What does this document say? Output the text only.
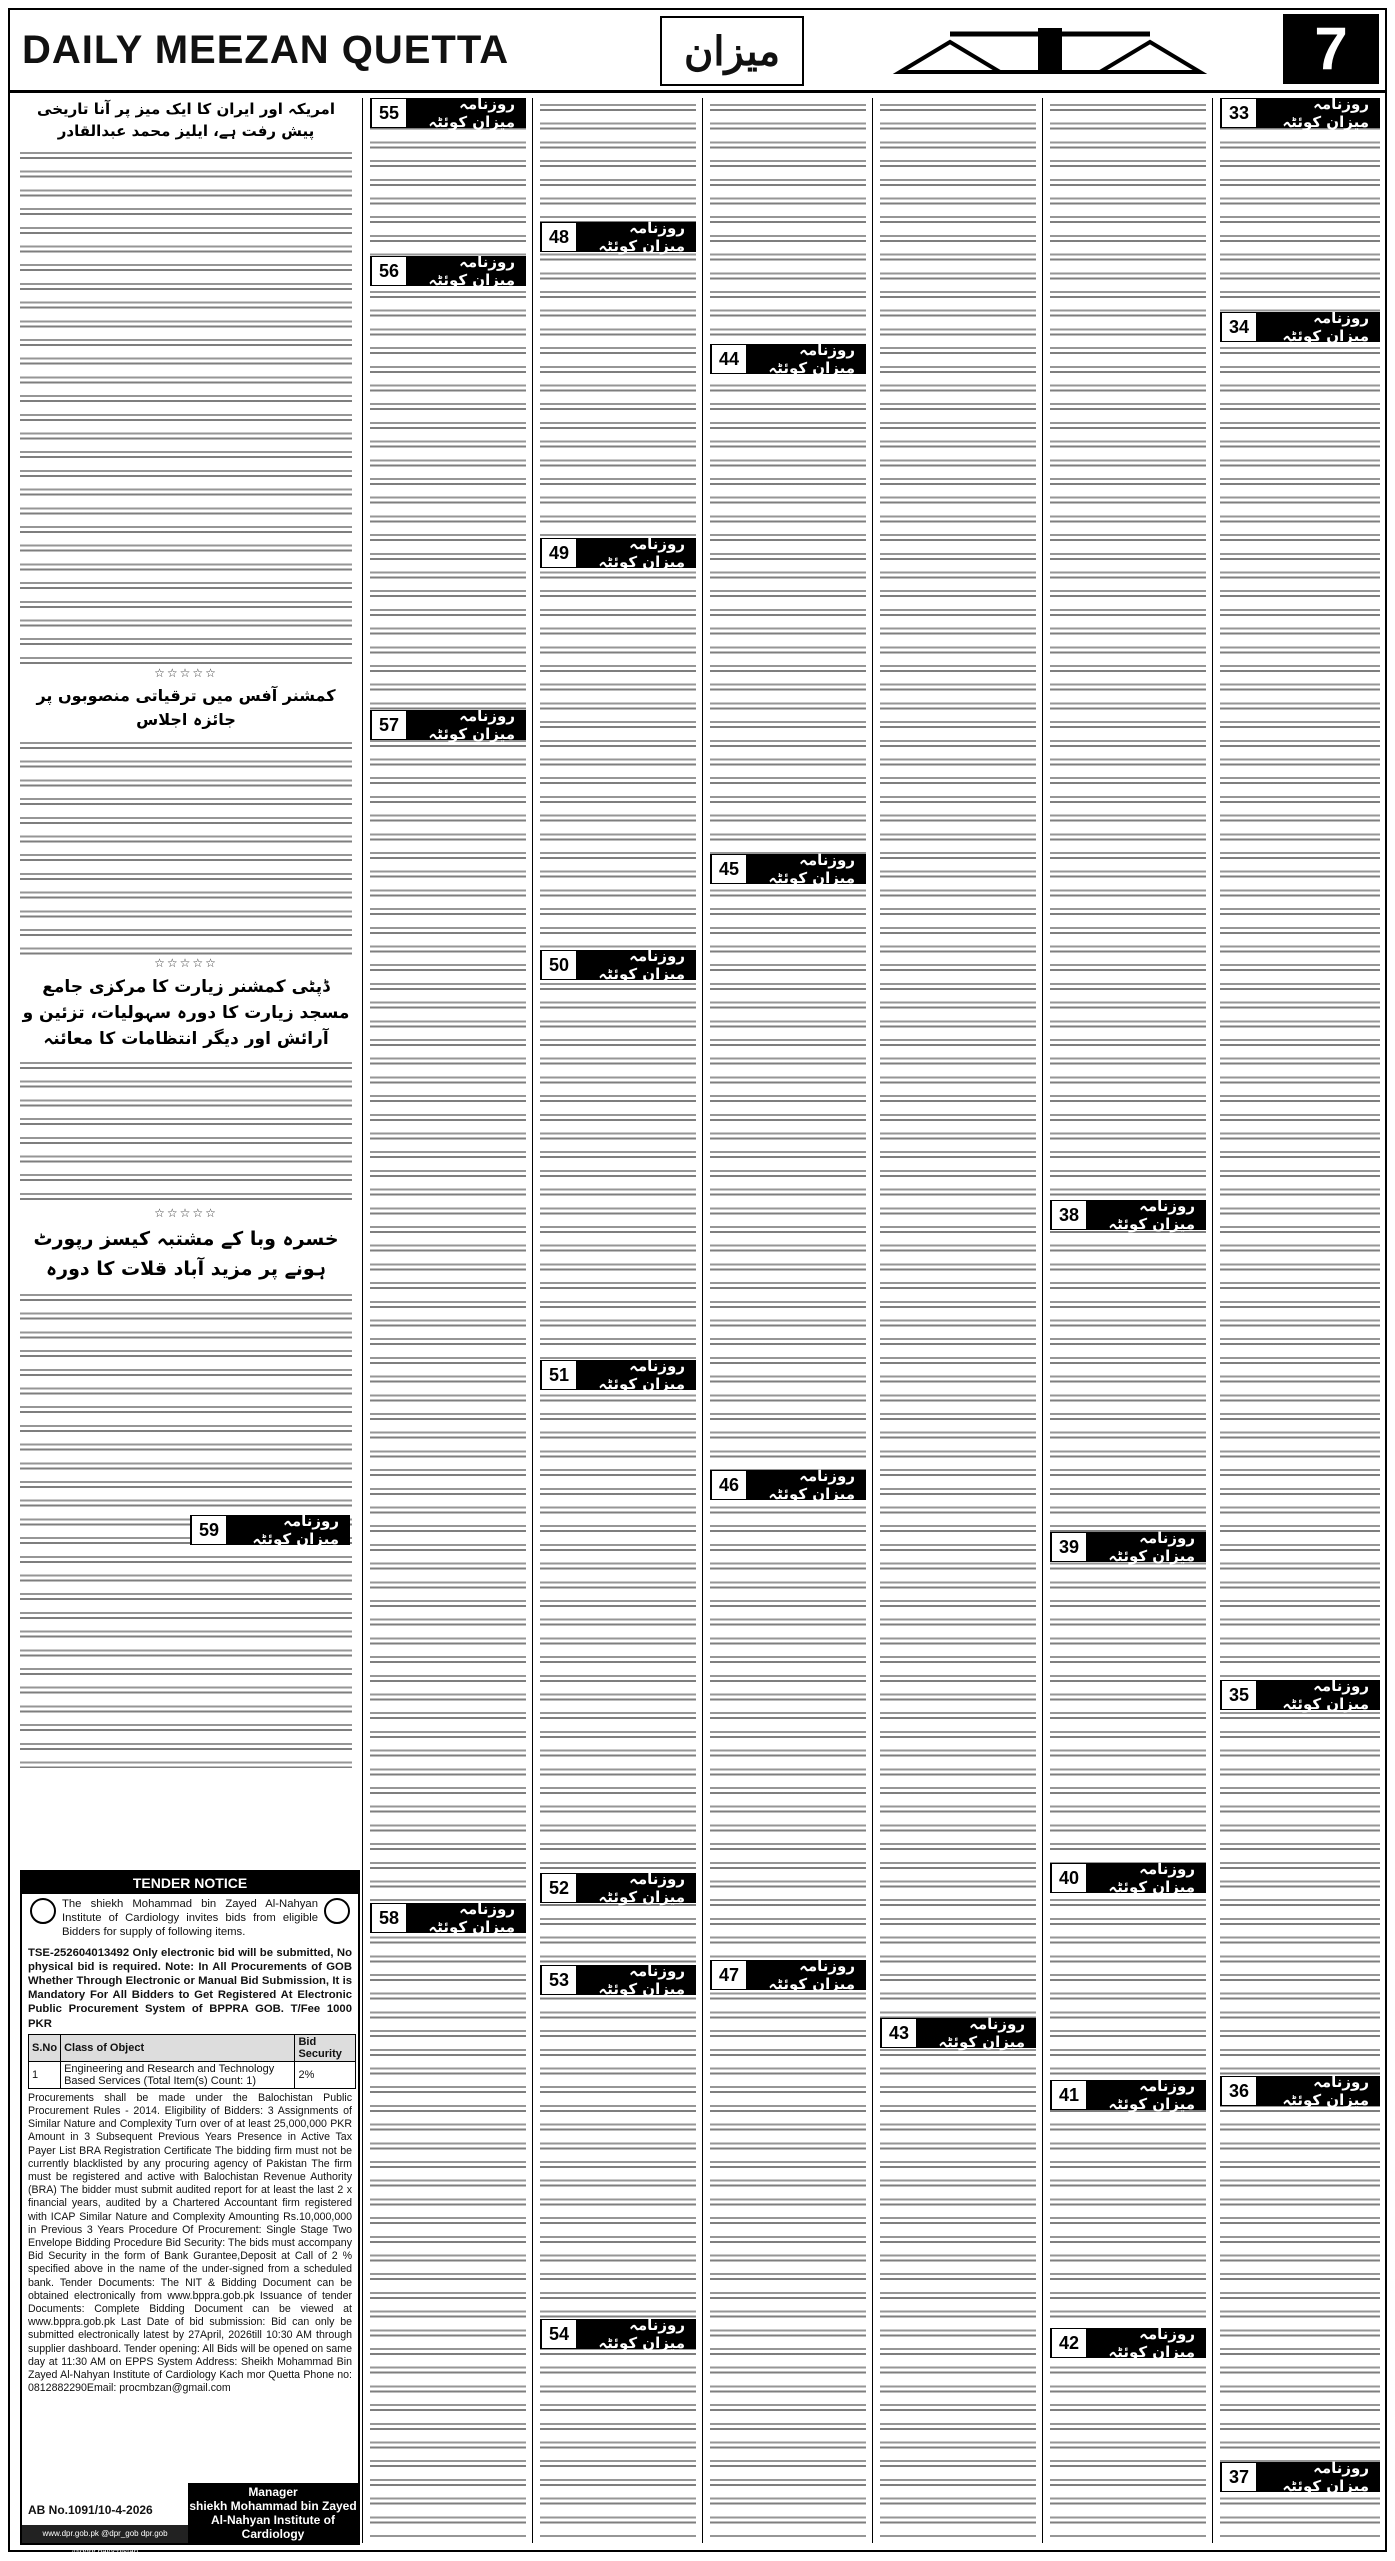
DAILY MEEZAN QUETTA	میزان	7
امریکہ اور ایران کا ایک میز پر آنا تاریخی پیش رفت ہے، ایلیز محمد عبدالقادر
☆☆☆☆☆
کمشنر آفس میں ترقیاتی منصوبوں پر جائزہ اجلاس
☆☆☆☆☆
ڈپٹی کمشنر زیارت کا مرکزی جامع مسجد زیارت کا دورہ سہولیات، تزئین و آرائش اور دیگر انتظامات کا معائنہ
☆☆☆☆☆
خسرہ وبا کے مشتبہ کیسز رپورٹ ہونے پر مزید آباد قلات کا دورہ
روزنامہ میزان کوئٹہ
59
TENDER NOTICE

The shiekh Mohammad bin Zayed Al-Nahyan Institute of Cardiology invites bids from eligible Bidders for supply of following items.

TSE-252604013492 Only electronic bid will be submitted, No physical bid is required. Note: In All Procurements of GOB Whether Through Electronic or Manual Bid Submission, It is Mandatory For All Bidders to Get Registered At Electronic Public Procurement System of BPPRA GOB. T/Fee 1000 PKR

S.No	Class of Object	Bid Security
1	Engineering and Research and Technology Based Services (Total Item(s) Count: 1)	2%

Procurements shall be made under the Balochistan Public Procurement Rules - 2014. Eligibility of Bidders: 3 Assignments of Similar Nature and Complexity Turn over of at least 25,000,000 PKR Amount in 3 Subsequent Previous Years Presence in Active Tax Payer List BRA Registration Certificate The bidding firm must not be currently blacklisted by any procuring agency of Pakistan The firm must be registered and active with Balochistan Revenue Authority (BRA) The bidder must submit audited report for at least the last 2 x financial years, audited by a Chartered Accountant firm registered with ICAP Similar Nature and Complexity Amounting Rs.10,000,000 in Previous 3 Years Procedure Of Procurement: Single Stage Two Envelope Bidding Procedure Bid Security: The bids must accompany Bid Security in the form of Bank Gurantee,Deposit at Call of 2 % specified above in the name of the under-signed from a scheduled bank. Tender Documents: The NIT & Bidding Document can be obtained electronically from www.bppra.gob.pk Issuance of tender Documents: Complete Bidding Document can be viewed at www.bppra.gob.pk Last Date of bid submission: Bid can only be submitted electronically latest by 27April, 2026till 10:30 AM through supplier dashboard. Tender opening: All Bids will be opened on same day at 11:30 AM on EPPS System Address: Sheikh Mohammad Bin Zayed Al-Nahyan Institute of Cardiology Kach mor Quetta Phone no: 0812882290Email: procmbzan@gmail.com

AB No.1091/10-4-2026
www.dpr.gob.pk @dpr_gob dpr.gob @dgpr.balochistan
Manager
shiekh Mohammad bin Zayed Al-Nahyan Institute of Cardiology
روزنامہ میزان کوئٹہ
55
روزنامہ میزان کوئٹہ
56
روزنامہ میزان کوئٹہ
57
روزنامہ میزان کوئٹہ
58
روزنامہ میزان کوئٹہ
48
روزنامہ میزان کوئٹہ
49
روزنامہ میزان کوئٹہ
50
روزنامہ میزان کوئٹہ
51
روزنامہ میزان کوئٹہ
52
روزنامہ میزان کوئٹہ
53
روزنامہ میزان کوئٹہ
54
روزنامہ میزان کوئٹہ
44
روزنامہ میزان کوئٹہ
45
روزنامہ میزان کوئٹہ
46
روزنامہ میزان کوئٹہ
47
روزنامہ میزان کوئٹہ
43
روزنامہ میزان کوئٹہ
38
روزنامہ میزان کوئٹہ
39
روزنامہ میزان کوئٹہ
40
روزنامہ میزان کوئٹہ
41
روزنامہ میزان کوئٹہ
42
روزنامہ میزان کوئٹہ
33
روزنامہ میزان کوئٹہ
34
روزنامہ میزان کوئٹہ
35
روزنامہ میزان کوئٹہ
36
روزنامہ میزان کوئٹہ
37
